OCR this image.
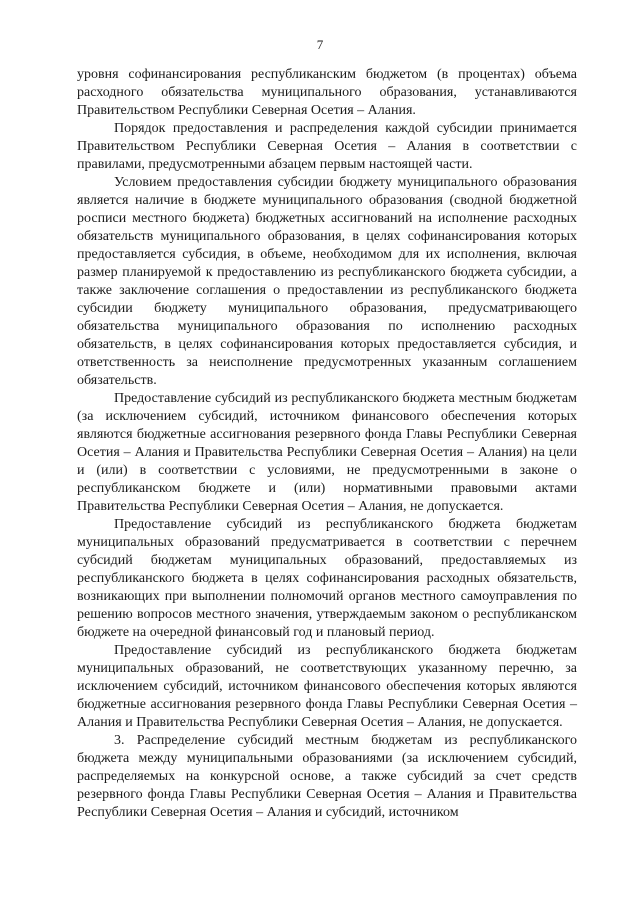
7

уровня софинансирования республиканским бюджетом (в процентах) объема расходного обязательства муниципального образования, устанавливаются Правительством Республики Северная Осетия – Алания.

Порядок предоставления и распределения каждой субсидии принимается Правительством Республики Северная Осетия – Алания в соответствии с правилами, предусмотренными абзацем первым настоящей части.

Условием предоставления субсидии бюджету муниципального образования является наличие в бюджете муниципального образования (сводной бюджетной росписи местного бюджета) бюджетных ассигнований на исполнение расходных обязательств муниципального образования, в целях софинансирования которых предоставляется субсидия, в объеме, необходимом для их исполнения, включая размер планируемой к предоставлению из республиканского бюджета субсидии, а также заключение соглашения о предоставлении из республиканского бюджета субсидии бюджету муниципального образования, предусматривающего обязательства муниципального образования по исполнению расходных обязательств, в целях софинансирования которых предоставляется субсидия, и ответственность за неисполнение предусмотренных указанным соглашением обязательств.

Предоставление субсидий из республиканского бюджета местным бюджетам (за исключением субсидий, источником финансового обеспечения которых являются бюджетные ассигнования резервного фонда Главы Республики Северная Осетия – Алания и Правительства Республики Северная Осетия – Алания) на цели и (или) в соответствии с условиями, не предусмотренными в законе о республиканском бюджете и (или) нормативными правовыми актами Правительства Республики Северная Осетия – Алания, не допускается.

Предоставление субсидий из республиканского бюджета бюджетам муниципальных образований предусматривается в соответствии с перечнем субсидий бюджетам муниципальных образований, предоставляемых из республиканского бюджета в целях софинансирования расходных обязательств, возникающих при выполнении полномочий органов местного самоуправления по решению вопросов местного значения, утверждаемым законом о республиканском бюджете на очередной финансовый год и плановый период.

Предоставление субсидий из республиканского бюджета бюджетам муниципальных образований, не соответствующих указанному перечню, за исключением субсидий, источником финансового обеспечения которых являются бюджетные ассигнования резервного фонда Главы Республики Северная Осетия – Алания и Правительства Республики Северная Осетия – Алания, не допускается.

3. Распределение субсидий местным бюджетам из республиканского бюджета между муниципальными образованиями (за исключением субсидий, распределяемых на конкурсной основе, а также субсидий за счет средств резервного фонда Главы Республики Северная Осетия – Алания и Правительства Республики Северная Осетия – Алания и субсидий, источником
